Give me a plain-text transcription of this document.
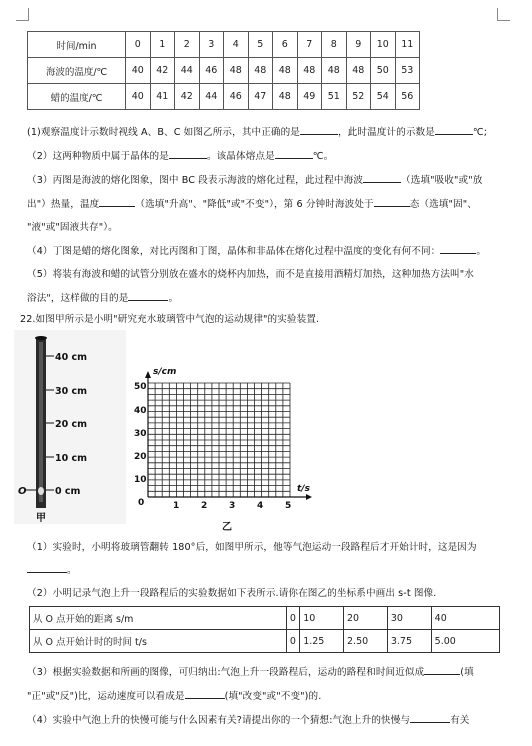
时间/min	0	1	2	3	4	5	6	7	8	9	10	11
海波的温度/℃	40	42	44	46	48	48	48	48	48	48	50	53
蜡的温度/℃	40	41	42	44	46	47	48	49	51	52	54	56
(1)观察温度计示数时视线 A、B、C 如图乙所示，其中正确的是	，此时温度计的示数是	℃;
（2）这两种物质中属于晶体的是	。该晶体熔点是	℃。
（3）丙图是海波的熔化图象，图中 BC 段表示海波的熔化过程，此过程中海波	（选填"吸收"或"放
出"）热量，温度	（选填"升高"、"降低"或"不变"），第 6 分钟时海波处于	态（选填"固"、
"液"或"固液共存"）。
（4）丁图是蜡的熔化图象，对比丙图和丁图，晶体和非晶体在熔化过程中温度的变化有何不同：	。
（5）将装有海波和蜡的试管分别放在盛水的烧杯内加热，而不是直接用酒精灯加热，这种加热方法叫"水
浴法"，这样做的目的是	。
22.如图甲所示是小明"研究充水玻璃管中气泡的运动规律"的实验装置.
40 cm
30 cm
20 cm
10 cm
0 cm
O
甲
s/cm
t/s
0
50
40
30
20
10
1 2 3 4 5
乙
（1）实验时，小明将玻璃管翻转 180°后，如图甲所示，他等气泡运动一段路程后才开始计时，这是因为
。
（2）小明记录气泡上升一段路程后的实验数据如下表所示.请你在图乙的坐标系中画出 s-t 图像.
从 O 点开始的距离 s/m	0	10	20	30	40
从 O 点开始计时的时间 t/s	0	1.25	2.50	3.75	5.00
（3）根据实验数据和所画的图像，可归纳出:气泡上升一段路程后，运动的路程和时间近似成	(填
"正"或"反")比，运动速度可以看成是	(填"改变"或"不变")的.
（4）实验中气泡上升的快慢可能与什么因素有关?请提出你的一个猜想:气泡上升的快慢与	有关
